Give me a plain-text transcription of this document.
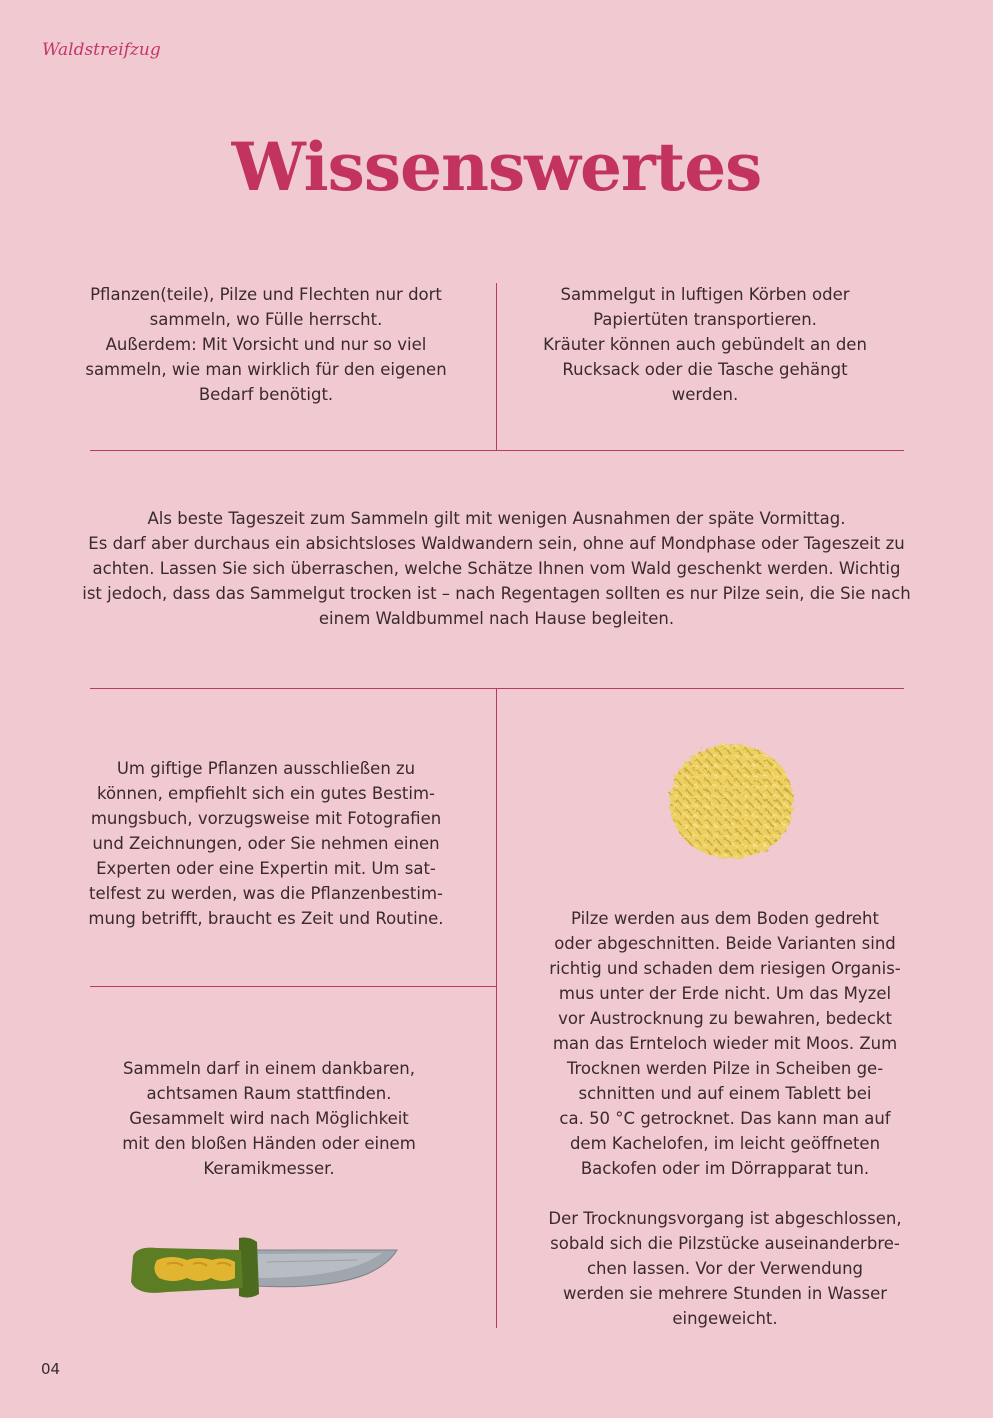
Waldstreifzug
Wissenswertes

Pflanzen(teile), Pilze und Flechten nur dort

sammeln, wo Fülle herrscht.

Außerdem: Mit Vorsicht und nur so viel

sammeln, wie man wirklich für den eigenen

Bedarf benötigt.

Sammelgut in luftigen Körben oder

Papiertüten transportieren.

Kräuter können auch gebündelt an den

Rucksack oder die Tasche gehängt

werden.

Als beste Tageszeit zum Sammeln gilt mit wenigen Ausnahmen der späte Vormittag.

Es darf aber durchaus ein absichtsloses Waldwandern sein, ohne auf Mondphase oder Tageszeit zu

achten. Lassen Sie sich überraschen, welche Schätze Ihnen vom Wald geschenkt werden. Wichtig

ist jedoch, dass das Sammelgut trocken ist – nach Regentagen sollten es nur Pilze sein, die Sie nach

einem Waldbummel nach Hause begleiten.

Um giftige Pflanzen ausschließen zu

können, empfiehlt sich ein gutes Bestim-

mungsbuch, vorzugsweise mit Fotografien

und Zeichnungen, oder Sie nehmen einen

Experten oder eine Expertin mit. Um sat-

telfest zu werden, was die Pflanzenbestim-

mung betrifft, braucht es Zeit und Routine.

Sammeln darf in einem dankbaren,

achtsamen Raum stattfinden.

Gesammelt wird nach Möglichkeit

mit den bloßen Händen oder einem

Keramikmesser.

Pilze werden aus dem Boden gedreht

oder abgeschnitten. Beide Varianten sind

richtig und schaden dem riesigen Organis-

mus unter der Erde nicht. Um das Myzel

vor Austrocknung zu bewahren, bedeckt

man das Ernteloch wieder mit Moos. Zum

Trocknen werden Pilze in Scheiben ge-

schnitten und auf einem Tablett bei

ca. 50 °C getrocknet. Das kann man auf

dem Kachelofen, im leicht geöffneten

Backofen oder im Dörrapparat tun.

Der Trocknungsvorgang ist abgeschlossen,

sobald sich die Pilzstücke auseinanderbre-

chen lassen. Vor der Verwendung

werden sie mehrere Stunden in Wasser

eingeweicht.

04
